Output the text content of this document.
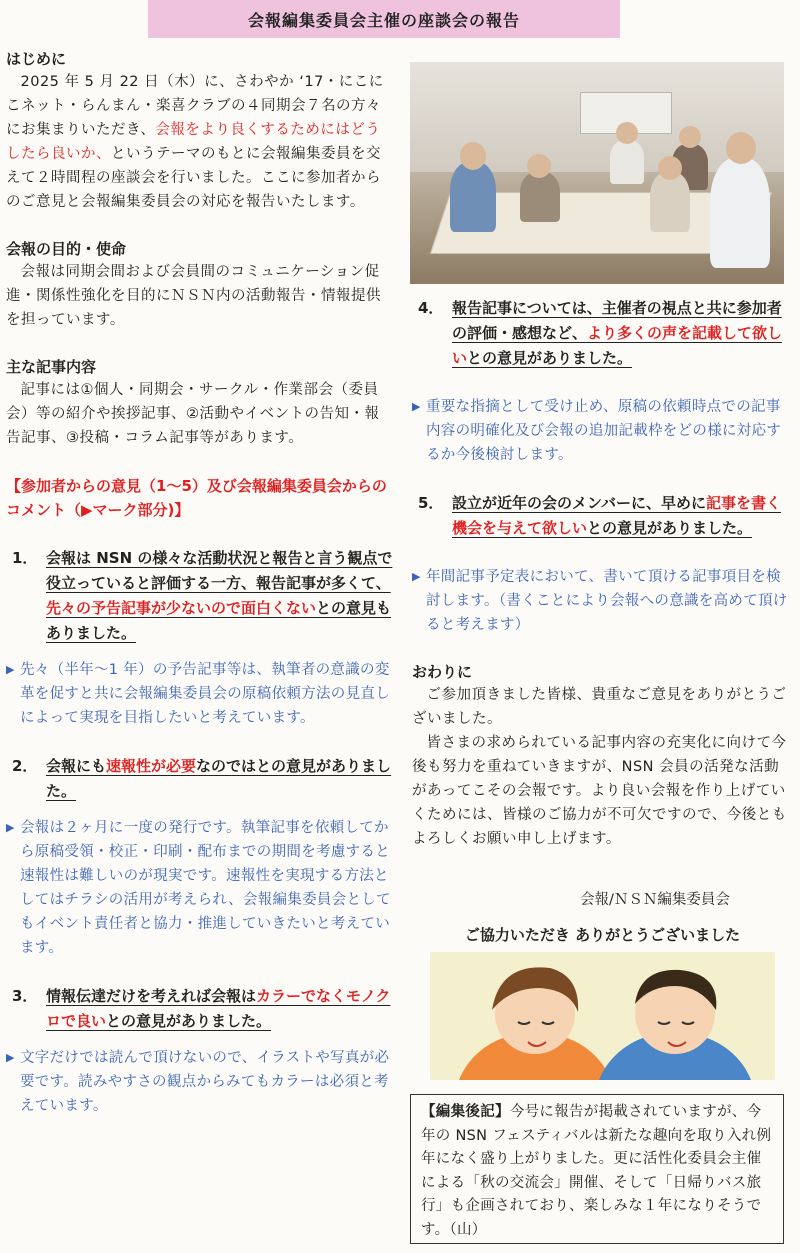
会報編集委員会主催の座談会の報告

はじめに

2025 年 5 月 22 日（木）に、さわやか ‘17・にこにこネット・らんまん・楽喜クラブの４同期会７名の方々にお集まりいただき、会報をより良くするためにはどうしたら良いか、というテーマのもとに会報編集委員を交えて２時間程の座談会を行いました。ここに参加者からのご意見と会報編集委員会の対応を報告いたします。

会報の目的・使命

会報は同期会間および会員間のコミュニケーション促進・関係性強化を目的にＮＳＮ内の活動報告・情報提供を担っています。

主な記事内容

記事には①個人・同期会・サークル・作業部会（委員会）等の紹介や挨拶記事、②活動やイベントの告知・報告記事、③投稿・コラム記事等があります。

【参加者からの意見（1～5）及び会報編集委員会からのコメント（▶マーク部分)】

1． 会報は NSN の様々な活動状況と報告と言う観点で役立っていると評価する一方、報告記事が多くて、先々の予告記事が少ないので面白くないとの意見もありました。
▶ 先々（半年～1 年）の予告記事等は、執筆者の意識の変革を促すと共に会報編集委員会の原稿依頼方法の見直しによって実現を目指したいと考えています。
2． 会報にも速報性が必要なのではとの意見がありました。
▶ 会報は２ヶ月に一度の発行です。執筆記事を依頼してから原稿受領・校正・印刷・配布までの期間を考慮すると速報性は難しいのが現実です。速報性を実現する方法としてはチラシの活用が考えられ、会報編集委員会としてもイベント責任者と協力・推進していきたいと考えています。
3． 情報伝達だけを考えれば会報はカラーでなくモノクロで良いとの意見がありました。
▶ 文字だけでは読んで頂けないので、イラストや写真が必要です。読みやすさの観点からみてもカラーは必須と考えています。
4． 報告記事については、主催者の視点と共に参加者の評価・感想など、より多くの声を記載して欲しいとの意見がありました。
▶ 重要な指摘として受け止め、原稿の依頼時点での記事内容の明確化及び会報の追加記載枠をどの様に対応するか今後検討します。
5． 設立が近年の会のメンバーに、早めに記事を書く機会を与えて欲しいとの意見がありました。
▶ 年間記事予定表において、書いて頂ける記事項目を検討します。（書くことにより会報への意識を高めて頂けると考えます）

おわりに

ご参加頂きました皆様、貴重なご意見をありがとうございました。

皆さまの求められている記事内容の充実化に向けて今後も努力を重ねていきますが、NSN 会員の活発な活動があってこその会報です。より良い会報を作り上げていくためには、皆様のご協力が不可欠ですので、今後ともよろしくお願い申し上げます。

会報/ＮＳＮ編集委員会
ご協力いただき ありがとうございました
【編集後記】今号に報告が掲載されていますが、今年の NSN フェスティバルは新たな趣向を取り入れ例年になく盛り上がりました。更に活性化委員会主催による「秋の交流会」開催、そして「日帰りバス旅行」も企画されており、楽しみな１年になりそうです。（山）
